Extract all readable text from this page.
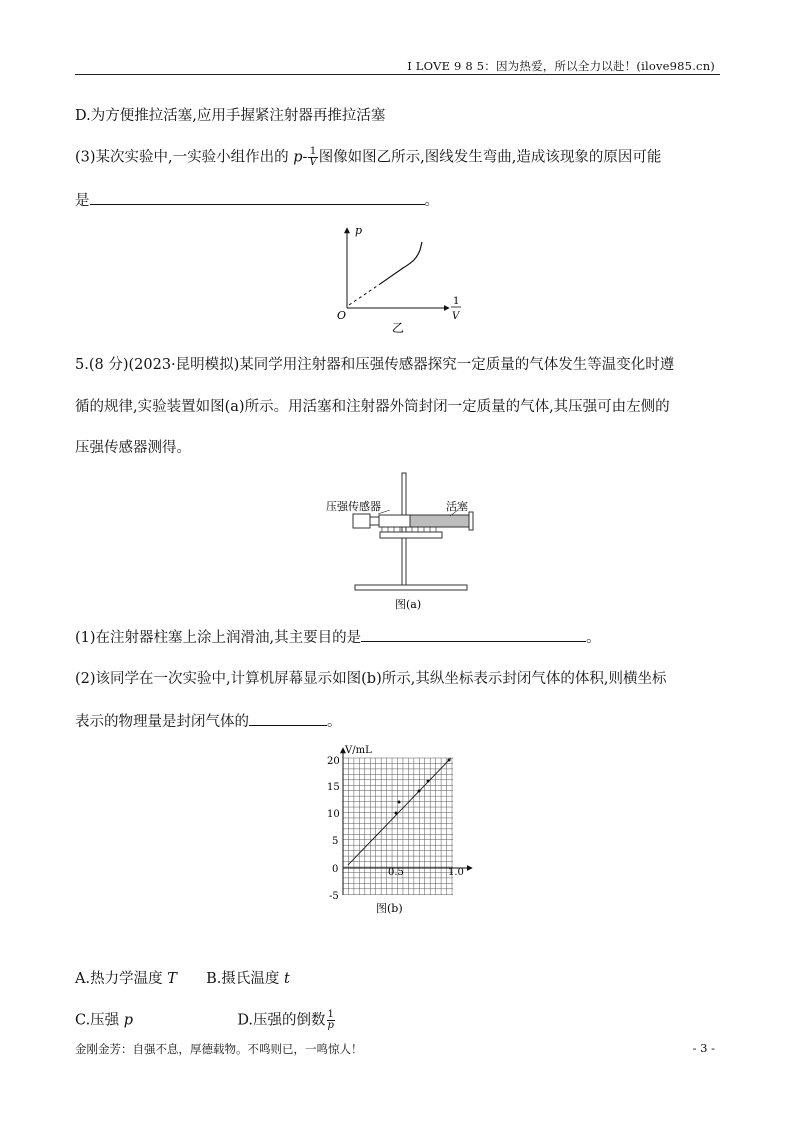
I LOVE 9 8 5：因为热爱，所以全力以赴！(ilove985.cn)
D.为方便推拉活塞,应用手握紧注射器再推拉活塞
(3)某次实验中,一实验小组作出的 $p- \frac{1}{V}$ 图像如图乙所示,图线发生弯曲,造成该现象的原因可能
是	。
p
O
1
V
乙
5.(8 分)(2023·昆明模拟)某同学用注射器和压强传感器探究一定质量的气体发生等温变化时遵
循的规律,实验装置如图(a)所示。用活塞和注射器外筒封闭一定质量的气体,其压强可由左侧的
压强传感器测得。
压强传感器	活塞
图(a)
(1)在注射器柱塞上涂上润滑油,其主要目的是	。
(2)该同学在一次实验中,计算机屏幕显示如图(b)所示,其纵坐标表示封闭气体的体积,则横坐标
表示的物理量是封闭气体的	。
V/mL
20
15
10
5
0
-5
0.5	1.0
图(b)
A.热力学温度 T B.摄氏温度 t
C.压强 p	D.压强的倒数 $\frac{1}{p}$
金刚金芳：自强不息，厚德载物。不鸣则已，一鸣惊人！	- 3 -
